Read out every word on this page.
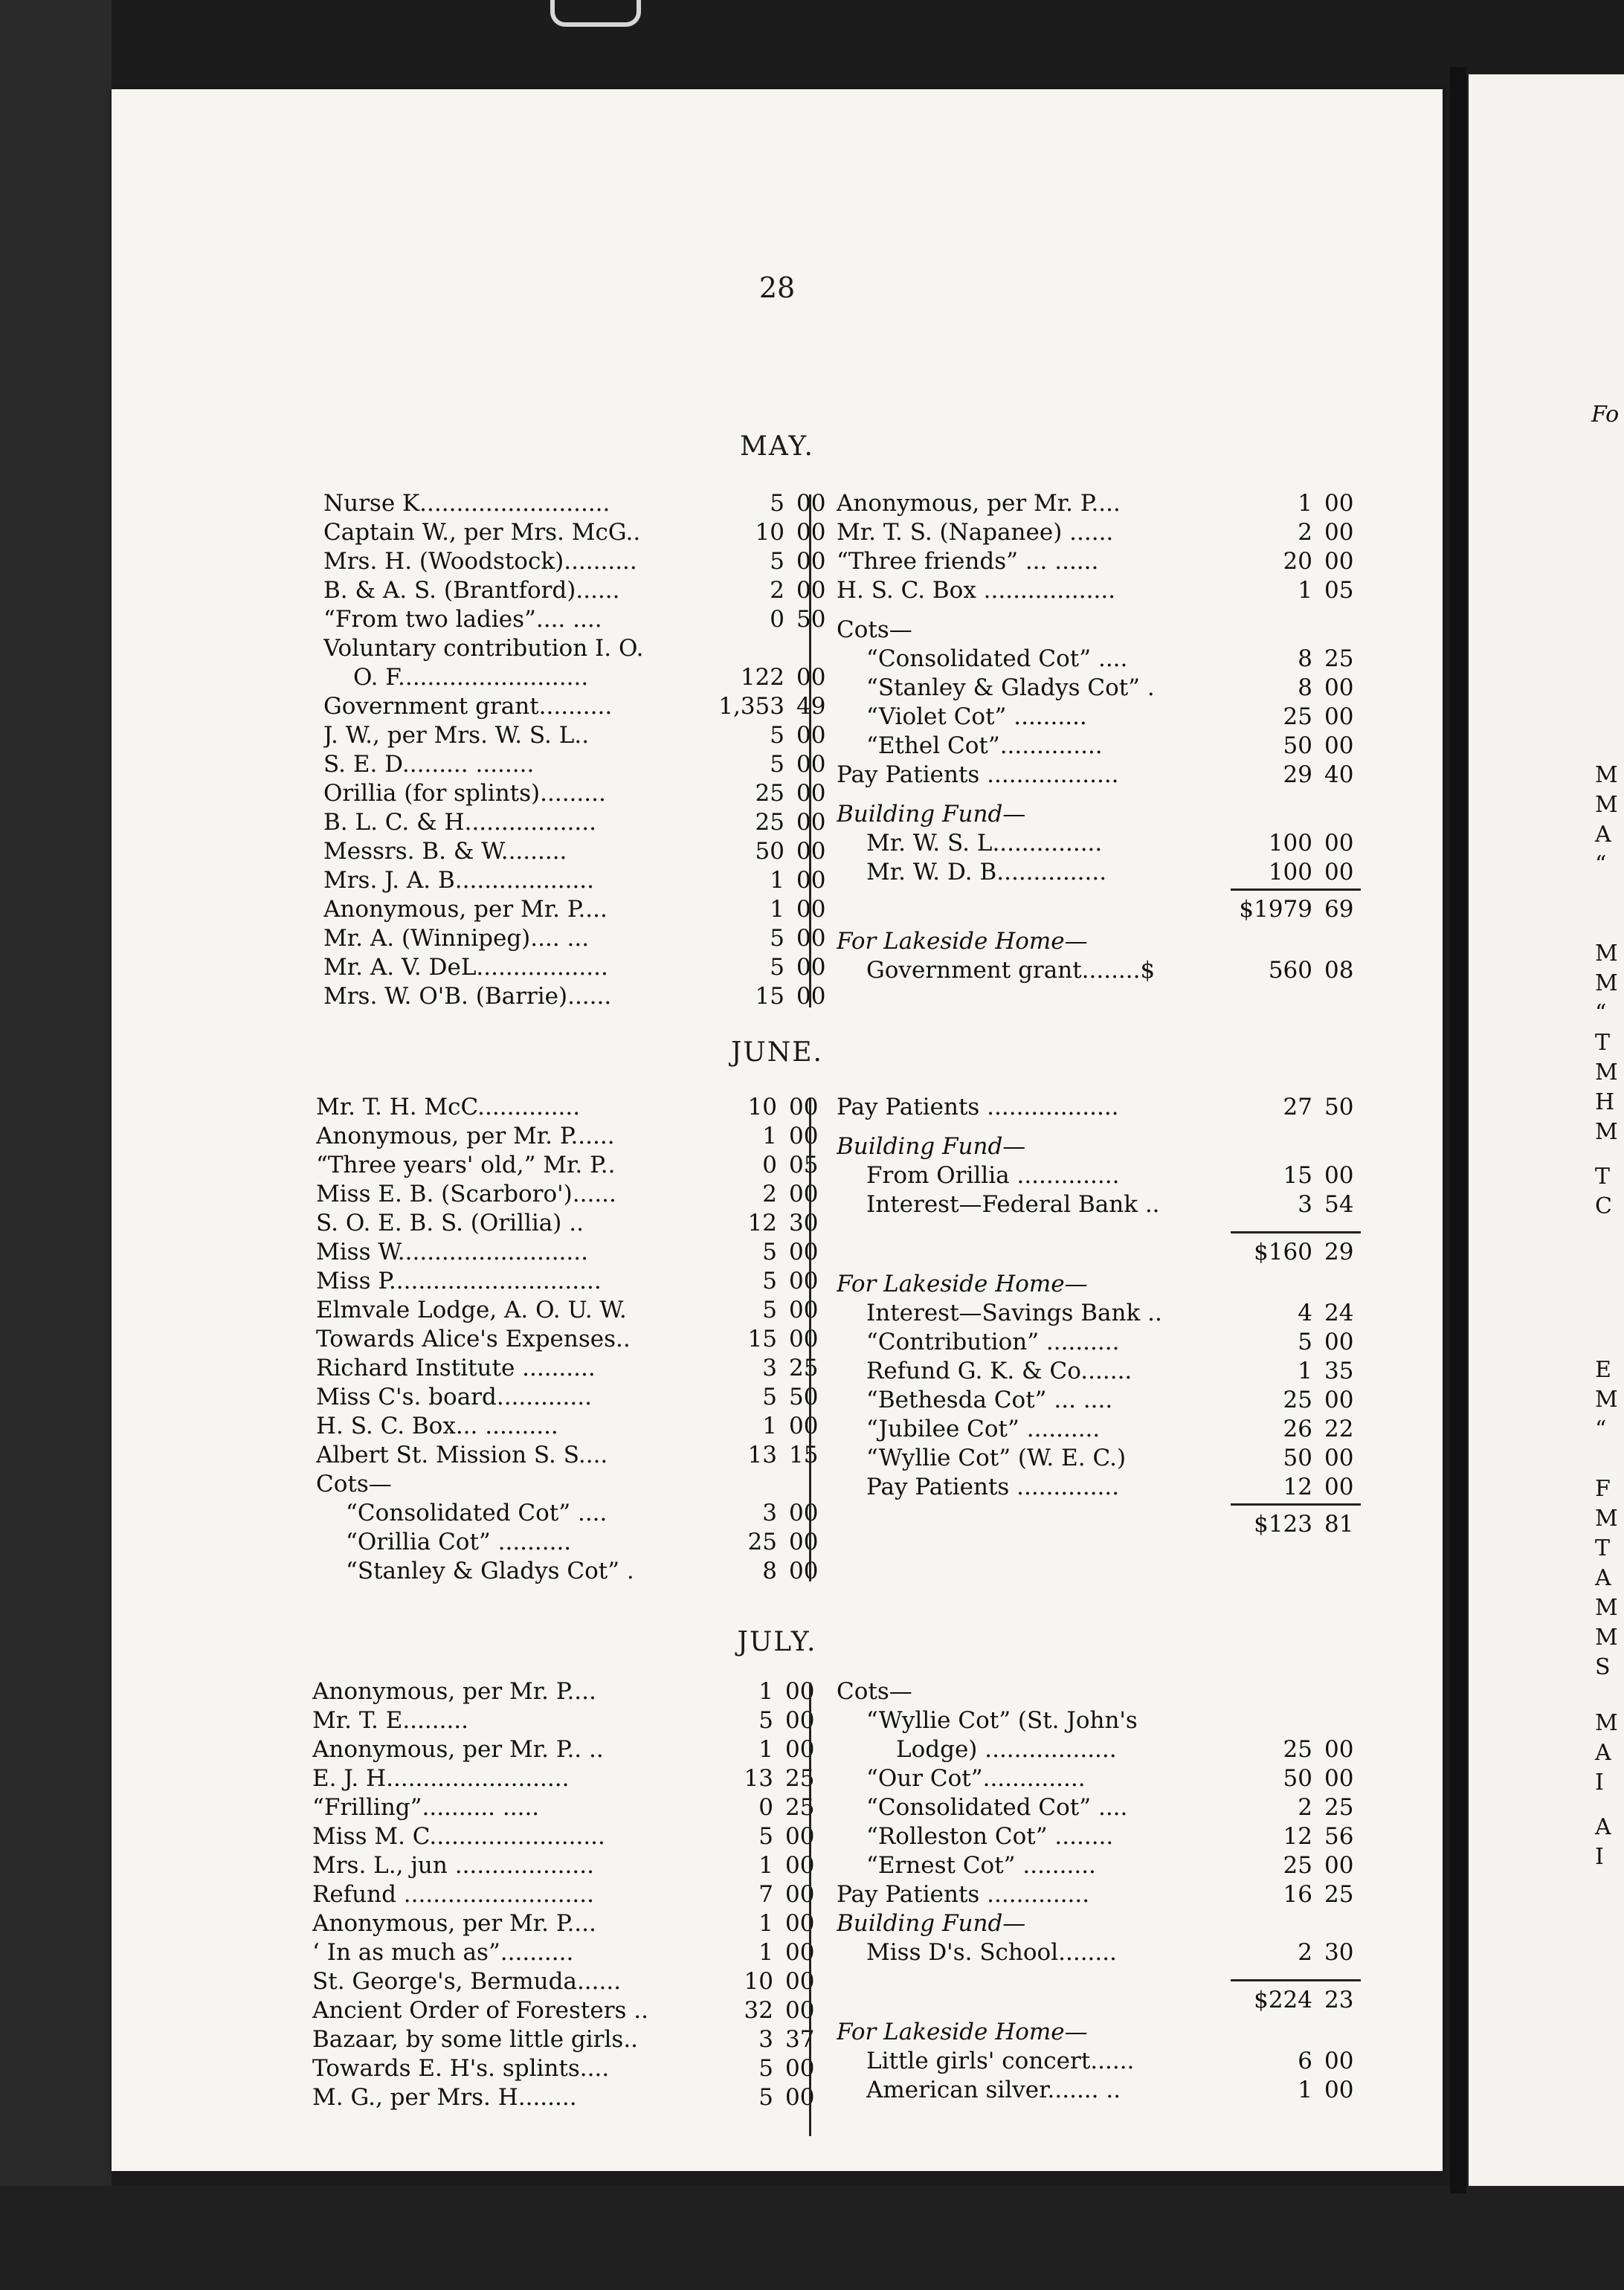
28
MAY.
Nurse K..........................	5 00
Captain W., per Mrs. McG..	10 00
Mrs. H. (Woodstock)..........	5 00
B. & A. S. (Brantford)......	2 00
“From two ladies”.... ....	0 50
Voluntary contribution I. O.
O. F..........................	122 00
Government grant..........	1,353 49
J. W., per Mrs. W. S. L..	5 00
S. E. D......... ........	5 00
Orillia (for splints).........	25 00
B. L. C. & H..................	25 00
Messrs. B. & W.........	50 00
Mrs. J. A. B...................	1 00
Anonymous, per Mr. P....	1 00
Mr. A. (Winnipeg).... ...	5 00
Mr. A. V. DeL..................	5 00
Mrs. W. O'B. (Barrie)......	15 00
Anonymous, per Mr. P....	1 00
Mr. T. S. (Napanee) ......	2 00
“Three friends” ... ......	20 00
H. S. C. Box ..................	1 05
Cots—
“Consolidated Cot” ....	8 25
“Stanley & Gladys Cot” .	8 00
“Violet Cot” ..........	25 00
“Ethel Cot”..............	50 00
Pay Patients ..................	29 40
Building Fund—
Mr. W. S. L...............	100 00
Mr. W. D. B...............	100 00
$1979 69
For Lakeside Home—
Government grant........$	560 08
JUNE.
Mr. T. H. McC..............	10 00
Anonymous, per Mr. P......	1 00
“Three years' old,” Mr. P..	0 05
Miss E. B. (Scarboro')......	2 00
S. O. E. B. S. (Orillia) ..	12 30
Miss W..........................	5 00
Miss P.............................	5 00
Elmvale Lodge, A. O. U. W.	5 00
Towards Alice's Expenses..	15 00
Richard Institute ..........	3 25
Miss C's. board.............	5 50
H. S. C. Box... ..........	1 00
Albert St. Mission S. S....	13 15
Cots—
“Consolidated Cot” ....	3 00
“Orillia Cot” ..........	25 00
“Stanley & Gladys Cot” .	8 00
Pay Patients ..................	27 50
Building Fund—
From Orillia ..............	15 00
Interest—Federal Bank ..	3 54
$160 29
For Lakeside Home—
Interest—Savings Bank ..	4 24
“Contribution” ..........	5 00
Refund G. K. & Co.......	1 35
“Bethesda Cot” ... ....	25 00
“Jubilee Cot” ..........	26 22
“Wyllie Cot” (W. E. C.)	50 00
Pay Patients ..............	12 00
$123 81
JULY.
Anonymous, per Mr. P....	1 00
Mr. T. E.........	5 00
Anonymous, per Mr. P.. ..	1 00
E. J. H.........................	13 25
“Frilling”.......... .....	0 25
Miss M. C........................	5 00
Mrs. L., jun ...................	1 00
Refund ..........................	7 00
Anonymous, per Mr. P....	1 00
‘ In as much as”..........	1 00
St. George's, Bermuda......	10 00
Ancient Order of Foresters ..	32 00
Bazaar, by some little girls..	3 37
Towards E. H's. splints....	5 00
M. G., per Mrs. H........	5 00
Cots—
“Wyllie Cot” (St. John's
Lodge) ..................	25 00
“Our Cot”..............	50 00
“Consolidated Cot” ....	2 25
“Rolleston Cot” ........	12 56
“Ernest Cot” ..........	25 00
Pay Patients ..............	16 25
Building Fund—
Miss D's. School........	2 30
$224 23
For Lakeside Home—
Little girls' concert......	6 00
American silver....... ..	1 00
Fo
M
M
A
“
M
M
“
T
M
H
M
T
C
E
M
“
F
M
T
A
M
M
S
M
A
I
A
I
